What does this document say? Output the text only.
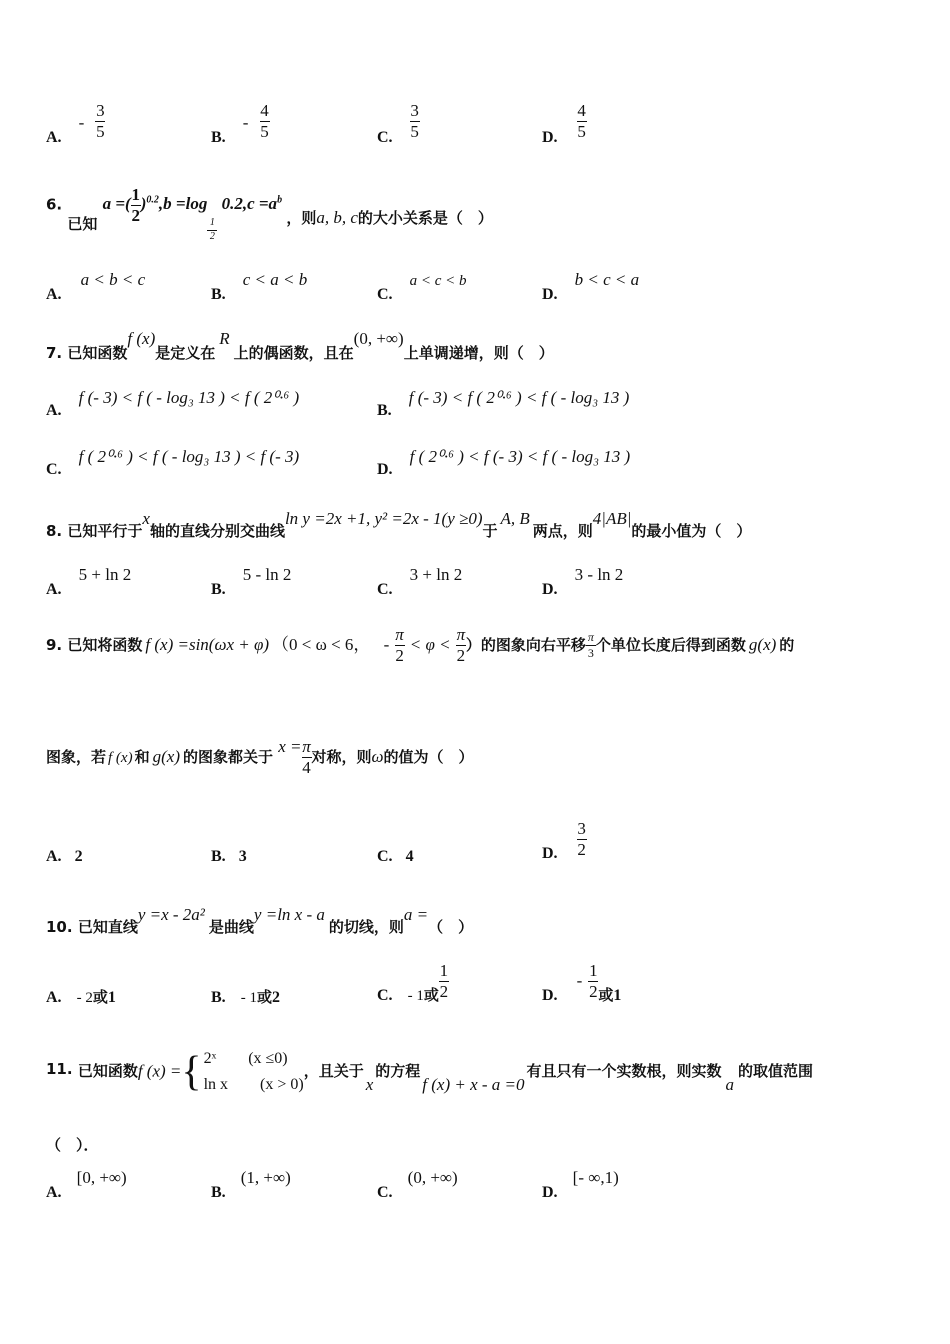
A. - $\frac{3}{5}$	B. - $\frac{4}{5}$	C. $\frac{3}{5}$	D. $\frac{4}{5}$
6. 已知 a =( $\frac{1}{2} )^{0.2},b =\log$
$\frac{1}{2}$
$0.2,c =a^b$ ，则a, b, c的大小关系是（　）
A. a < b < c
B. c < a < b
C. a < c < b
D. b < c < a
7. 已知函数f (x)是定义在R上的偶函数，且在(0, +∞)上单调递增，则（　）
A. f (- 3) < f ( - log₃ 13 ) < f ( 2⁰·⁶ )
B. f (- 3) < f ( 2⁰·⁶ ) < f ( - log₃ 13 )
C. f ( 2⁰·⁶ ) < f ( - log₃ 13 ) < f (- 3)
D. f ( 2⁰·⁶ ) < f (- 3) < f ( - log₃ 13 )
8. 已知平行于x轴的直线分别交曲线ln y =2x +1, y² =2x - 1(y ≥0)于A, B两点，则4|AB|的最小值为（　）
A. 5 + ln 2
B. 5 - ln 2
C. 3 + ln 2
D. 3 - ln 2
9. 已知将函数 f (x) =sin(ωx + φ) （0 < ω < 6， - $\frac{\pi}{2} < \varphi < \frac{\pi}{2}$ ）的图象向右平移 $\frac{\pi}{3}$ 个单位长度后得到函数 g(x) 的
图象，若 f (x) 和 g(x) 的图象都关于 $x = \frac{\pi}{4}$ 对称，则ω的值为（　）
A. 2	B. 3	C. 4	D. $\frac{3}{2}$
10. 已知直线y =x - 2a²是曲线y =ln x - a的切线，则a =（　）
A. - 2或1	B. - 1或2	C. - 1或 $\frac{1}{2}$	D. - $\frac{1}{2}$ 或1
11. 已知函数f (x) = { 2ˣ　　(x ≤0)
ln x　　(x > 0)
，且关于x的方程f (x) + x - a =0有且只有一个实数根，则实数a的取值范围
（　）．
A. [0, +∞)
B. (1, +∞)
C. (0, +∞)
D. [- ∞,1)
